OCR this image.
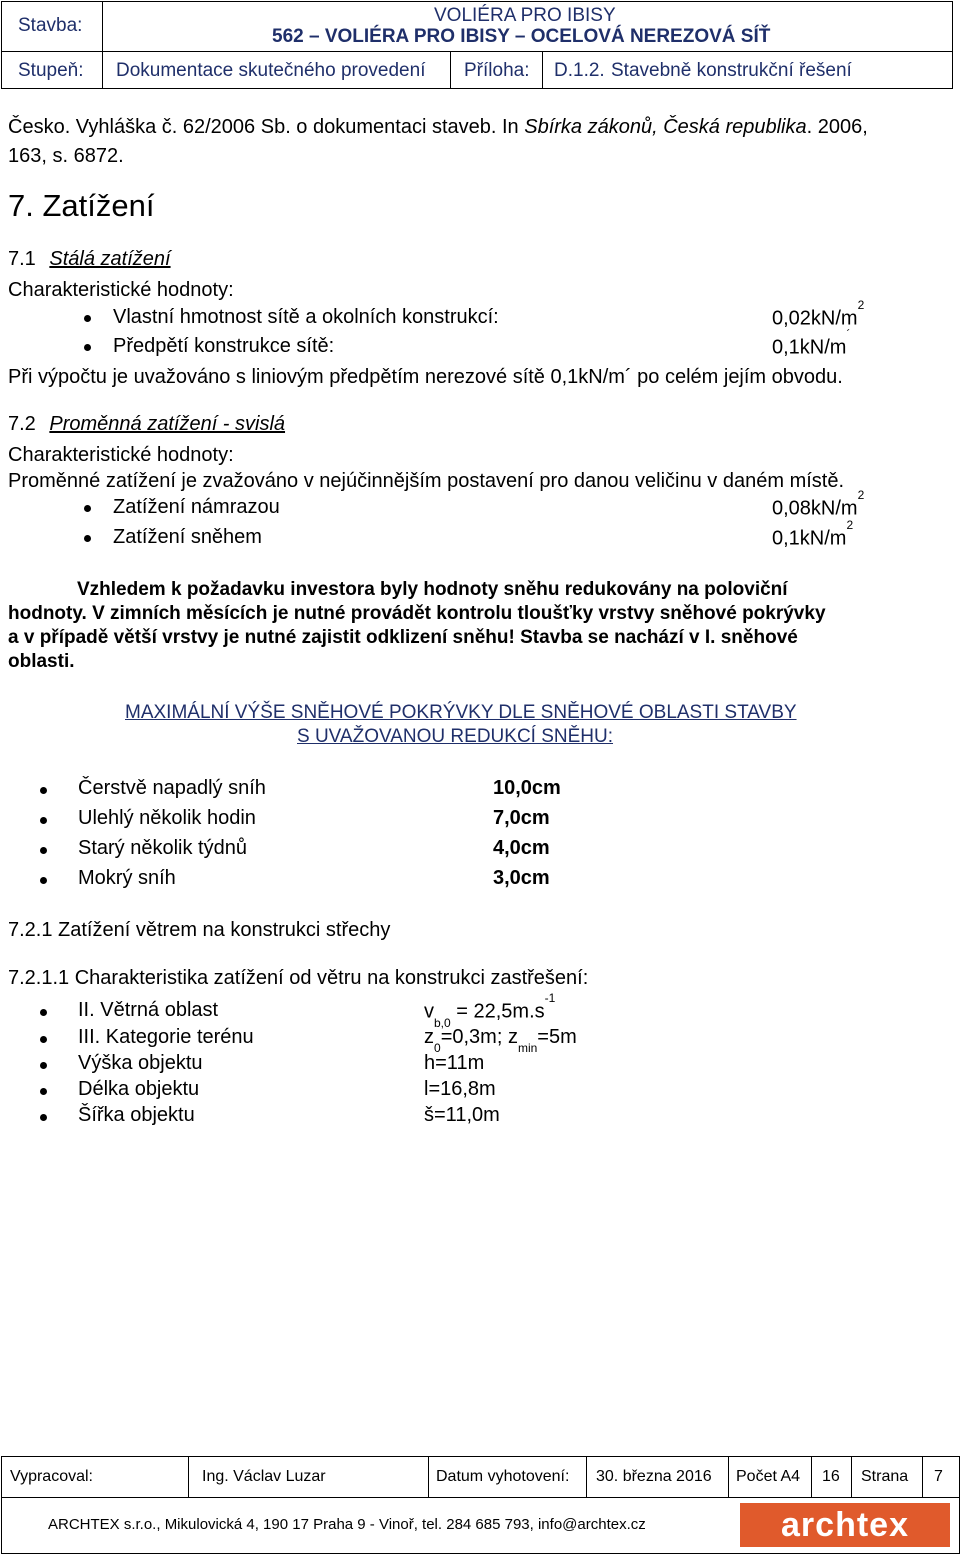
Stavba:	VOLIÉRA PRO IBISY
562 – VOLIÉRA PRO IBISY – OCELOVÁ NEREZOVÁ SÍŤ
Stupeň: Dokumentace skutečného provedení Příloha: D.1.2. Stavebně konstrukční řešení
Česko. Vyhláška č. 62/2006 Sb. o dokumentaci staveb. In Sbírka zákonů, Česká republika. 2006,
163, s. 6872.
7. Zatížení
7.1 Stálá zatížení
Charakteristické hodnoty:
Vlastní hmotnost sítě a okolních konstrukcí:	$0,02kN/m^2$
Předpětí konstrukce sítě:	0,1kN/m´
Při výpočtu je uvažováno s liniovým předpětím nerezové sítě 0,1kN/m´ po celém jejím obvodu.
7.2 Proměnná zatížení - svislá
Charakteristické hodnoty:
Proměnné zatížení je zvažováno v nejúčinnějším postavení pro danou veličinu v daném místě.
Zatížení námrazou	$0,08kN/m^2$
Zatížení sněhem	$0,1kN/m^2$
Vzhledem k požadavku investora byly hodnoty sněhu redukovány na poloviční
hodnoty. V zimních měsících je nutné provádět kontrolu tloušťky vrstvy sněhové pokrývky
a v případě větší vrstvy je nutné zajistit odklizení sněhu! Stavba se nachází v I. sněhové
oblasti.
MAXIMÁLNÍ VÝŠE SNĚHOVÉ POKRÝVKY DLE SNĚHOVÉ OBLASTI STAVBY
S UVAŽOVANOU REDUKCÍ SNĚHU:
Čerstvě napadlý sníh	10,0cm
Ulehlý několik hodin	7,0cm
Starý několik týdnů	4,0cm
Mokrý sníh	3,0cm
7.2.1 Zatížení větrem na konstrukci střechy
7.2.1.1 Charakteristika zatížení od větru na konstrukci zastřešení:
II. Větrná oblast	$v_{b,0} = 22,5m.s^{-1}$
III. Kategorie terénu	$z_0=0,3m$; $z_{min}=5m$
Výška objektu	h=11m
Délka objektu	l=16,8m
Šířka objektu	š=11,0m
Vypracoval:	Ing. Václav Luzar	Datum vyhotovení: 30. března 2016 Počet A4 16 Strana 7
ARCHTEX s.r.o., Mikulovická 4, 190 17 Praha 9 - Vinoř, tel. 284 685 793, info@archtex.cz	archtex
